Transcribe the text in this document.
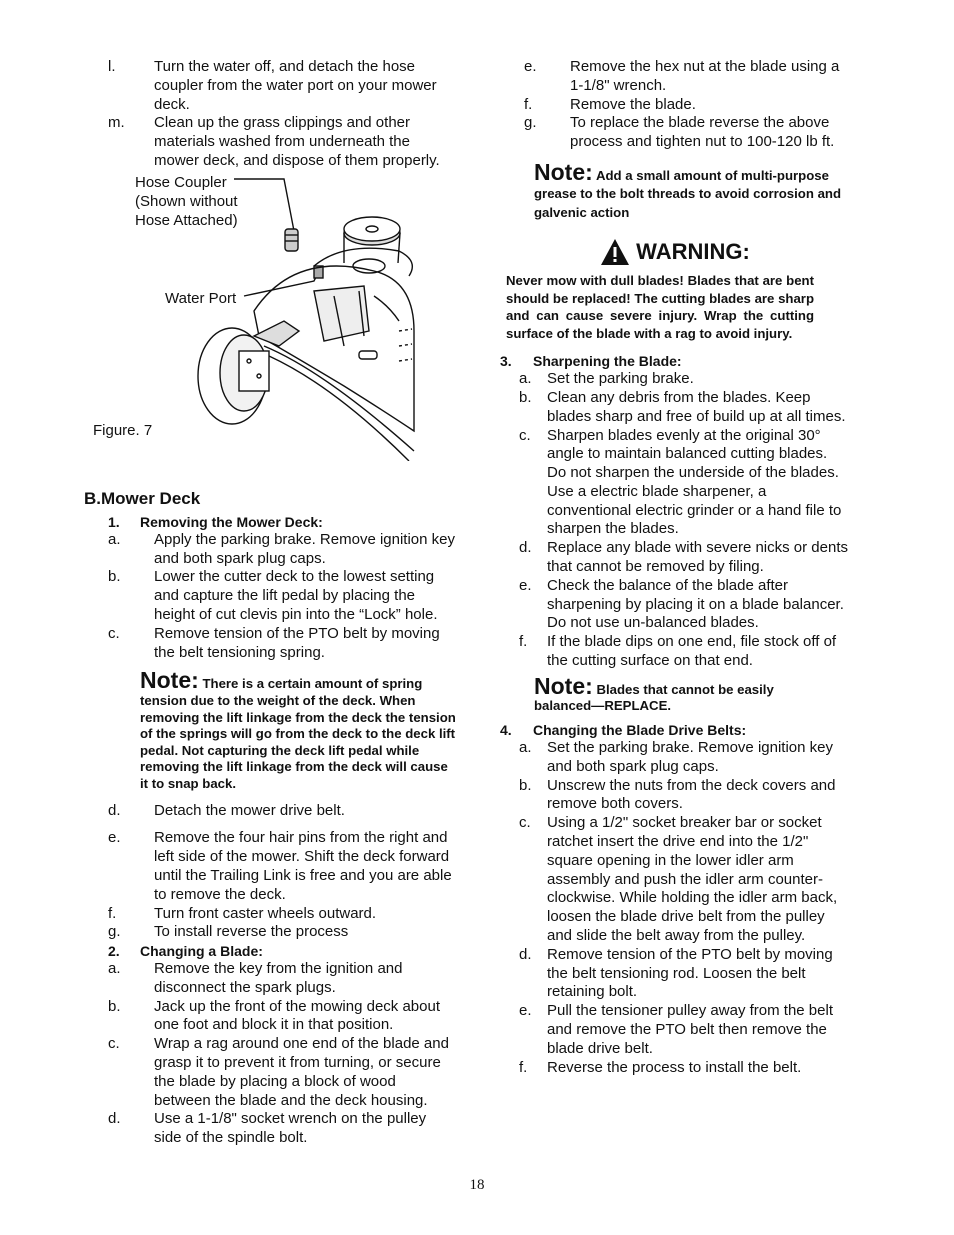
l.	Turn the water off, and detach the hose coupler from the water port on your mower deck.
m. Clean up the grass clippings and other materials washed from underneath the mower deck, and dispose of them properly.
Hose Coupler
(Shown without
Hose Attached)
Water Port
Figure. 7
B.Mower Deck
1. Removing the Mower Deck:
a. Apply the parking brake. Remove ignition key and both spark plug caps.
b. Lower the cutter deck to the lowest setting and capture the lift pedal by placing the height of cut clevis pin into the “Lock” hole.
c. Remove tension of the PTO belt by moving the belt tensioning spring.
Note: There is a certain amount of spring tension due to the weight of the deck. When removing the lift linkage from the deck the tension of the springs will go from the deck to the deck lift pedal. Not capturing the deck lift pedal while removing the lift linkage from the deck will cause it to snap back.
d. Detach the mower drive belt.
e. Remove the four hair pins from the right and left side of the mower. Shift the deck forward until the Trailing Link is free and you are able to remove the deck.
f.	Turn front caster wheels outward.
g. To install reverse the process
2. Changing a Blade:
a. Remove the key from the ignition and disconnect the spark plugs.
b. Jack up the front of the mowing deck about one foot and block it in that position.
c. Wrap a rag around one end of the blade and grasp it to prevent it from turning, or secure the blade by placing a block of wood between the blade and the deck housing.
d. Use a 1-1/8" socket wrench on the pulley side of the spindle bolt.
e. Remove the hex nut at the blade using a 1-1/8" wrench.
f.	Remove the blade.
g. To replace the blade reverse the above process and tighten nut to 100-120 lb ft.
Note: Add a small amount of multi-purpose grease to the bolt threads to avoid corrosion and galvenic action
WARNING:
Never mow with dull blades! Blades that are bent should be replaced! The cutting blades are sharp and can cause severe injury. Wrap the cutting surface of the blade with a rag to avoid injury.
3. Sharpening the Blade:
a. Set the parking brake.
b. Clean any debris from the blades. Keep blades sharp and free of build up at all times.
c. Sharpen blades evenly at the original 30° angle to maintain balanced cutting blades. Do not sharpen the underside of the blades. Use a electric blade sharpener, a conventional electric grinder or a hand file to sharpen the blades.
d. Replace any blade with severe nicks or dents that cannot be removed by filing.
e. Check the balance of the blade after sharpening by placing it on a blade balancer. Do not use un-balanced blades.
f. If the blade dips on one end, file stock off of the cutting surface on that end.
Note: Blades that cannot be easily balanced—REPLACE.
4. Changing the Blade Drive Belts:
a. Set the parking brake. Remove ignition key and both spark plug caps.
b. Unscrew the nuts from the deck covers and remove both covers.
c. Using a 1/2" socket breaker bar or socket ratchet insert the drive end into the 1/2" square opening in the lower idler arm assembly and push the idler arm counter-clockwise. While holding the idler arm back, loosen the blade drive belt from the pulley and slide the belt away from the pulley.
d. Remove tension of the PTO belt by moving the belt tensioning rod. Loosen the belt retaining bolt.
e. Pull the tensioner pulley away from the belt and remove the PTO belt then remove the blade drive belt.
f. Reverse the process to install the belt.
18
